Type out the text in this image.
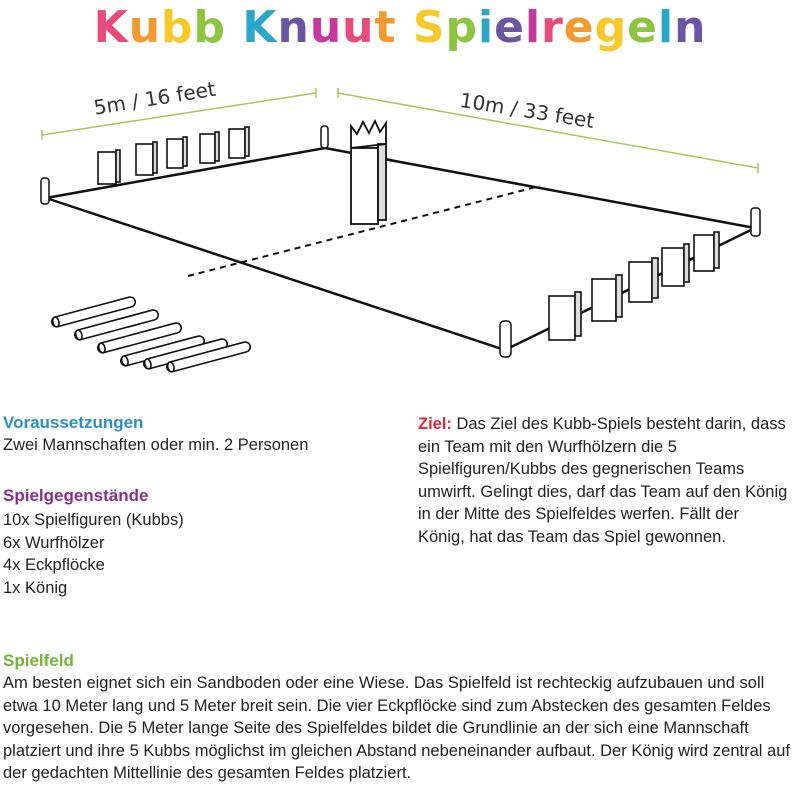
Kubb Knuut Spielregeln
5m / 16 feet	10m / 33 feet
Voraussetzungen
Zwei Mannschaften oder min. 2 Personen
Spielgegenstände
10x Spielfiguren (Kubbs)
6x Wurfhölzer
4x Eckpflöcke
1x König
Ziel: Das Ziel des Kubb-Spiels besteht darin, dass ein Team mit den Wurfhölzern die 5 Spielfiguren/Kubbs des gegnerischen Teams umwirft. Gelingt dies, darf das Team auf den König in der Mitte des Spielfeldes werfen. Fällt der König, hat das Team das Spiel gewonnen.
Spielfeld
Am besten eignet sich ein Sandboden oder eine Wiese. Das Spielfeld ist rechteckig aufzubauen und soll etwa 10 Meter lang und 5 Meter breit sein. Die vier Eckpflöcke sind zum Abstecken des gesamten Feldes vorgesehen. Die 5 Meter lange Seite des Spielfeldes bildet die Grundlinie an der sich eine Mannschaft platziert und ihre 5 Kubbs möglichst im gleichen Abstand nebeneinander aufbaut. Der König wird zentral auf der gedachten Mittellinie des gesamten Feldes platziert.
